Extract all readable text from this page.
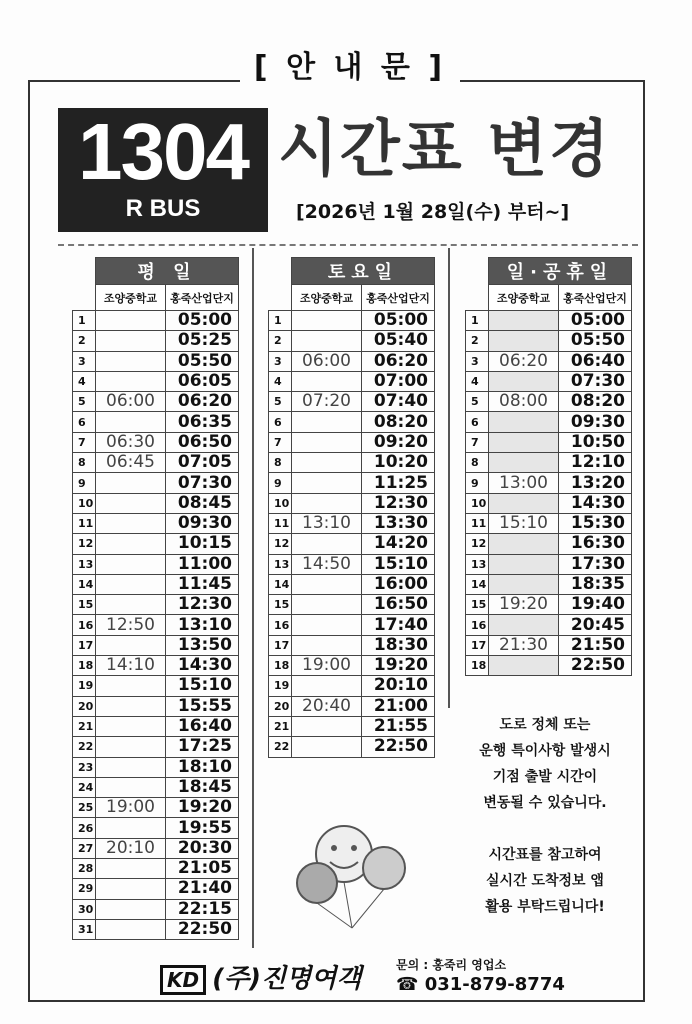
[ 안 내 문 ]
1304
R BUS
시간표 변경
[2026년 1월 28일(수) 부터~]
	평 일	
	조양중학교	홍죽산업단지
1		05:00
2		05:25
3		05:50
4		06:05
5	06:00	06:20
6		06:35
7	06:30	06:50
8	06:45	07:05
9		07:30
10		08:45
11		09:30
12		10:15
13		11:00
14		11:45
15		12:30
16	12:50	13:10
17		13:50
18	14:10	14:30
19		15:10
20		15:55
21		16:40
22		17:25
23		18:10
24		18:45
25	19:00	19:20
26		19:55
27	20:10	20:30
28		21:05
29		21:40
30		22:15
31		22:50
	토요일	
	조양중학교	홍죽산업단지
1		05:00
2		05:40
3	06:00	06:20
4		07:00
5	07:20	07:40
6		08:20
7		09:20
8		10:20
9		11:25
10		12:30
11	13:10	13:30
12		14:20
13	14:50	15:10
14		16:00
15		16:50
16		17:40
17		18:30
18	19:00	19:20
19		20:10
20	20:40	21:00
21		21:55
22		22:50
	일·공휴일	
	조양중학교	홍죽산업단지
1		05:00
2		05:50
3	06:20	06:40
4		07:30
5	08:00	08:20
6		09:30
7		10:50
8		12:10
9	13:00	13:20
10		14:30
11	15:10	15:30
12		16:30
13		17:30
14		18:35
15	19:20	19:40
16		20:45
17	21:30	21:50
18		22:50
도로 정체 또는
운행 특이사항 발생시
기점 출발 시간이
변동될 수 있습니다.

시간표를 참고하여
실시간 도착정보 앱
활용 부탁드립니다!
KD (주)진명여객	문의 : 홍죽리 영업소
☎ 031-879-8774
